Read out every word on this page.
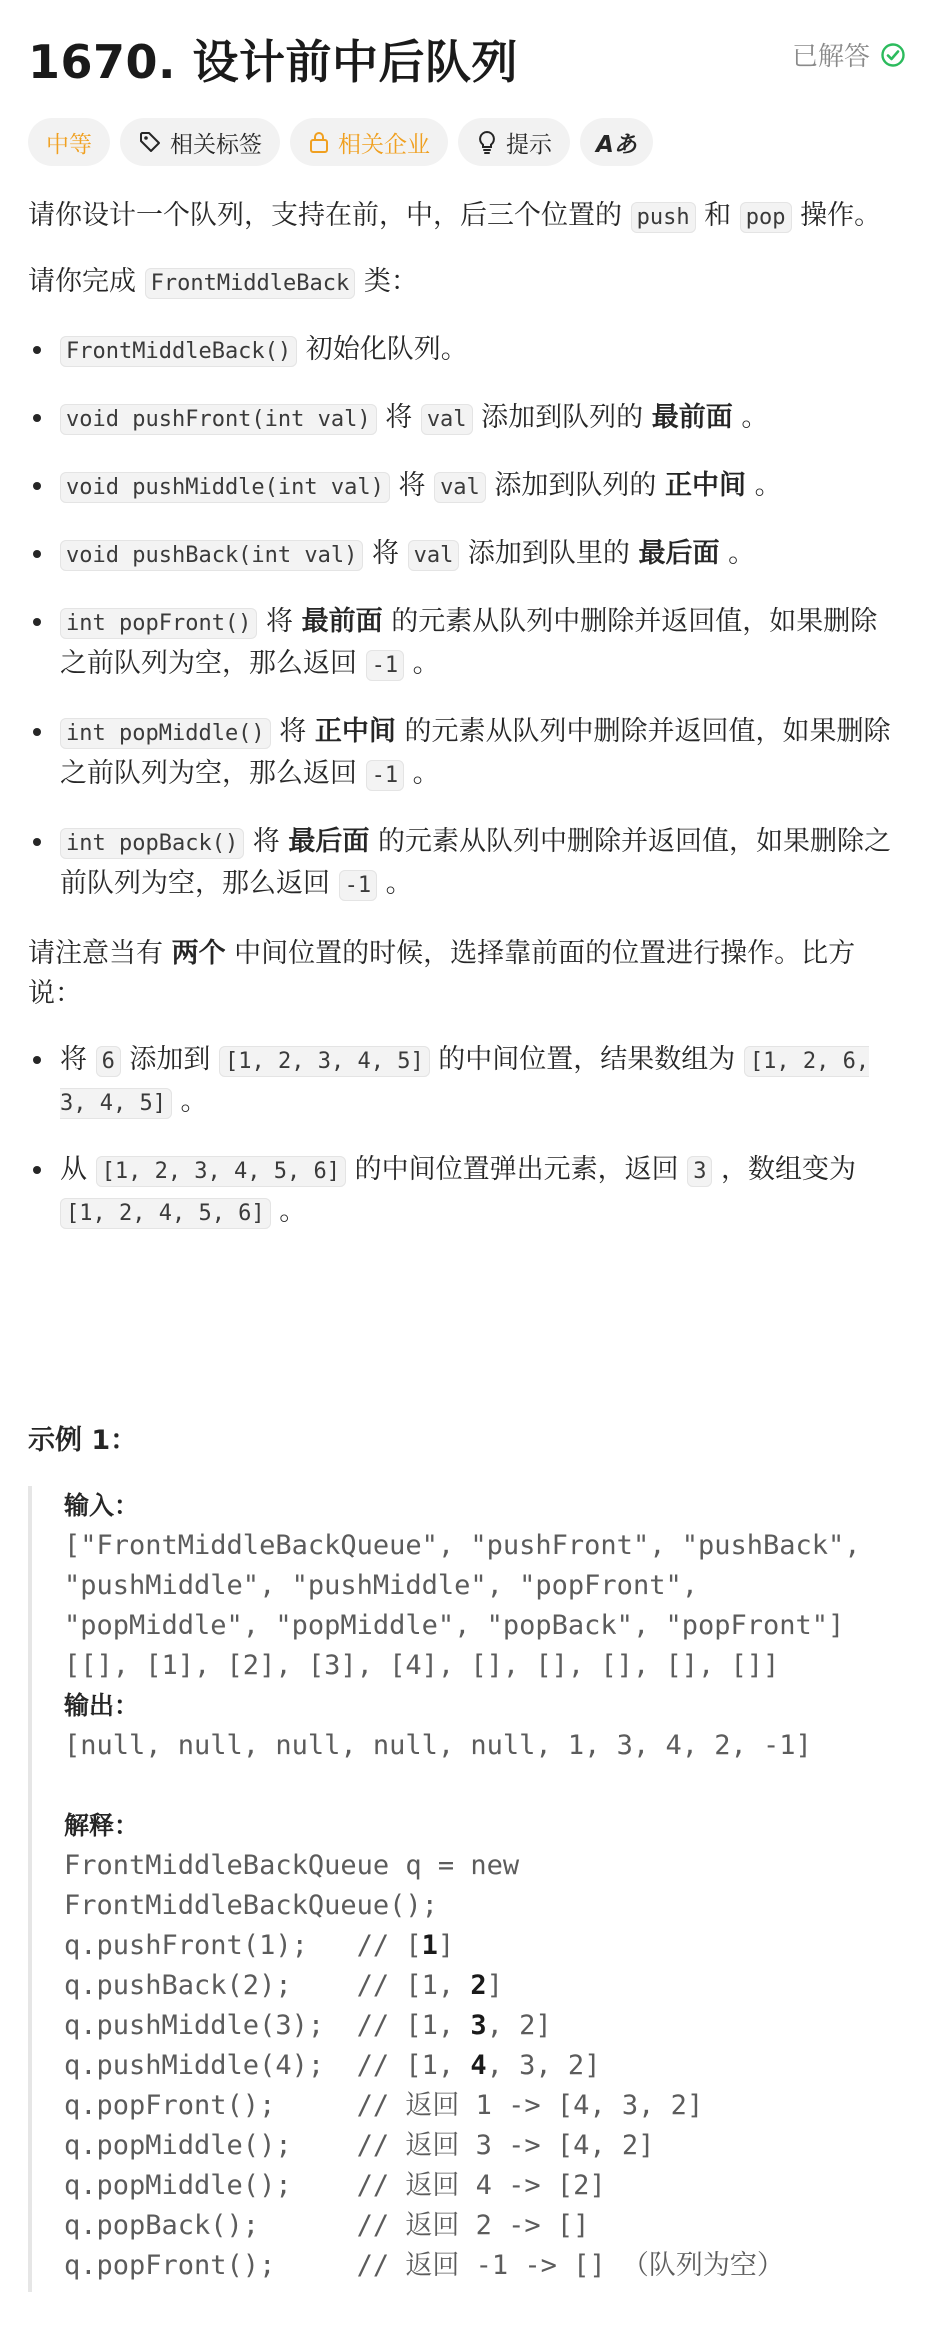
1670. 设计前中后队列	已解答
中等	相关标签	相关企业	提示 Aあ

请你设计一个队列，支持在前，中，后三个位置的 push 和 pop 操作。

请你完成 FrontMiddleBack 类：

FrontMiddleBack() 初始化队列。
void pushFront(int val) 将 val 添加到队列的 最前面 。
void pushMiddle(int val) 将 val 添加到队列的 正中间 。
void pushBack(int val) 将 val 添加到队里的 最后面 。
int popFront() 将 最前面 的元素从队列中删除并返回值，如果删除之前队列为空，那么返回 -1 。
int popMiddle() 将 正中间 的元素从队列中删除并返回值，如果删除之前队列为空，那么返回 -1 。
int popBack() 将 最后面 的元素从队列中删除并返回值，如果删除之前队列为空，那么返回 -1 。

请注意当有 两个 中间位置的时候，选择靠前面的位置进行操作。比方说：

将 6 添加到 [1, 2, 3, 4, 5] 的中间位置，结果数组为 [1, 2, 6, 3, 4, 5] 。
从 [1, 2, 3, 4, 5, 6] 的中间位置弹出元素，返回 3 ，数组变为 [1, 2, 4, 5, 6] 。
示例 1：
输入：
["FrontMiddleBackQueue", "pushFront", "pushBack",
"pushMiddle", "pushMiddle", "popFront",
"popMiddle", "popMiddle", "popBack", "popFront"]
[[], [1], [2], [3], [4], [], [], [], [], []]
输出：
[null, null, null, null, null, 1, 3, 4, 2, -1]
解释：
FrontMiddleBackQueue q = new
FrontMiddleBackQueue();
q.pushFront(1);   // [1]
q.pushBack(2);    // [1, 2]
q.pushMiddle(3);  // [1, 3, 2]
q.pushMiddle(4);  // [1, 4, 3, 2]
q.popFront();     // 返回 1 -> [4, 3, 2]
q.popMiddle();    // 返回 3 -> [4, 2]
q.popMiddle();    // 返回 4 -> [2]
q.popBack();      // 返回 2 -> []
q.popFront();     // 返回 -1 -> [] （队列为空）
